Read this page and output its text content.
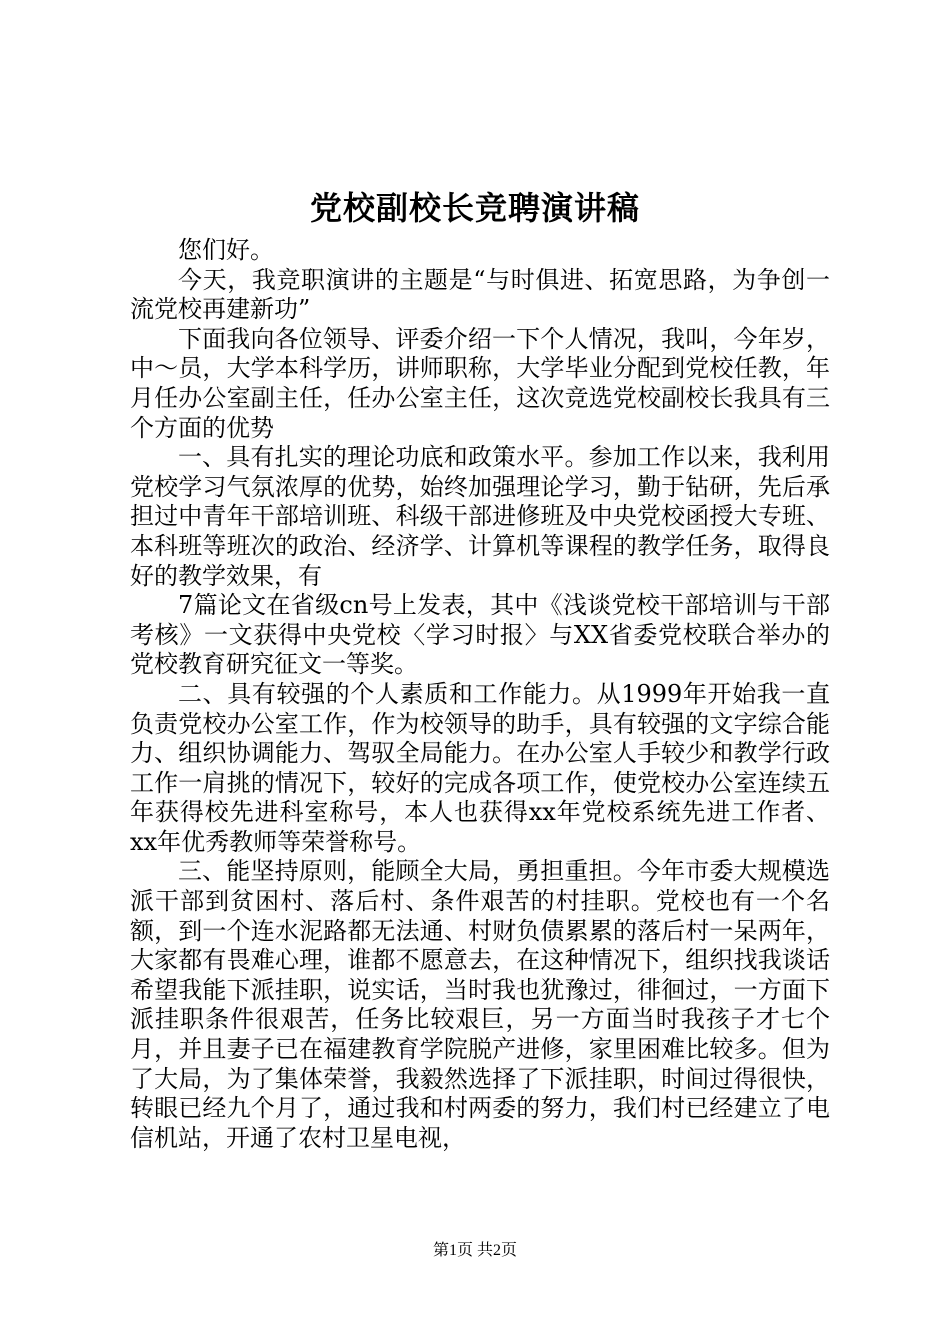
党校副校长竞聘演讲稿

您们好。

今天，我竞职演讲的主题是“与时俱进、拓宽思路，为争创一流党校再建新功”

下面我向各位领导、评委介绍一下个人情况，我叫，今年岁，中～员，大学本科学历，讲师职称，大学毕业分配到党校任教，年月任办公室副主任，任办公室主任，这次竞选党校副校长我具有三个方面的优势

一、具有扎实的理论功底和政策水平。参加工作以来，我利用党校学习气氛浓厚的优势，始终加强理论学习，勤于钻研，先后承担过中青年干部培训班、科级干部进修班及中央党校函授大专班、本科班等班次的政治、经济学、计算机等课程的教学任务，取得良好的教学效果，有

7篇论文在省级cn号上发表，其中《浅谈党校干部培训与干部考核》一文获得中央党校〈学习时报〉与XX省委党校联合举办的党校教育研究征文一等奖。

二、具有较强的个人素质和工作能力。从1999年开始我一直负责党校办公室工作，作为校领导的助手，具有较强的文字综合能力、组织协调能力、驾驭全局能力。在办公室人手较少和教学行政工作一肩挑的情况下，较好的完成各项工作，使党校办公室连续五年获得校先进科室称号，本人也获得xx年党校系统先进工作者、xx年优秀教师等荣誉称号。

三、能坚持原则，能顾全大局，勇担重担。今年市委大规模选派干部到贫困村、落后村、条件艰苦的村挂职。党校也有一个名额，到一个连水泥路都无法通、村财负债累累的落后村一呆两年，大家都有畏难心理，谁都不愿意去，在这种情况下，组织找我谈话希望我能下派挂职，说实话，当时我也犹豫过，徘徊过，一方面下派挂职条件很艰苦，任务比较艰巨，另一方面当时我孩子才七个月，并且妻子已在福建教育学院脱产进修，家里困难比较多。但为了大局，为了集体荣誉，我毅然选择了下派挂职，时间过得很快，转眼已经九个月了，通过我和村两委的努力，我们村已经建立了电信机站，开通了农村卫星电视，

第1页 共2页
